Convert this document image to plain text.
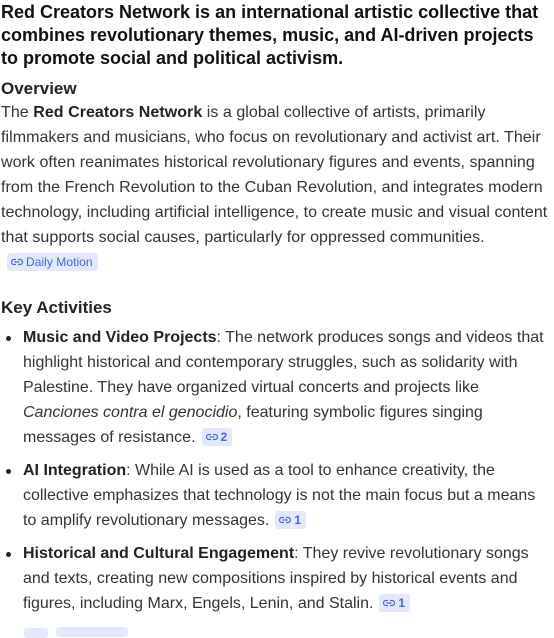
Red Creators Network is an international artistic collective that combines revolutionary themes, music, and AI-driven projects to promote social and political activism.
Overview

The Red Creators Network is a global collective of artists, primarily filmmakers and musicians, who focus on revolutionary and activist art. Their work often reanimates historical revolutionary figures and events, spanning from the French Revolution to the Cuban Revolution, and integrates modern technology, including artificial intelligence, to create music and visual content that supports social causes, particularly for oppressed communities.Daily Motion

Key Activities
Music and Video Projects: The network produces songs and videos that highlight historical and contemporary struggles, such as solidarity with Palestine. They have organized virtual concerts and projects like Canciones contra el genocidio, featuring symbolic figures singing messages of resistance. 2
AI Integration: While AI is used as a tool to enhance creativity, the collective emphasizes that technology is not the main focus but a means to amplify revolutionary messages. 1
Historical and Cultural Engagement: They revive revolutionary songs and texts, creating new compositions inspired by historical events and figures, including Marx, Engels, Lenin, and Stalin. 1
